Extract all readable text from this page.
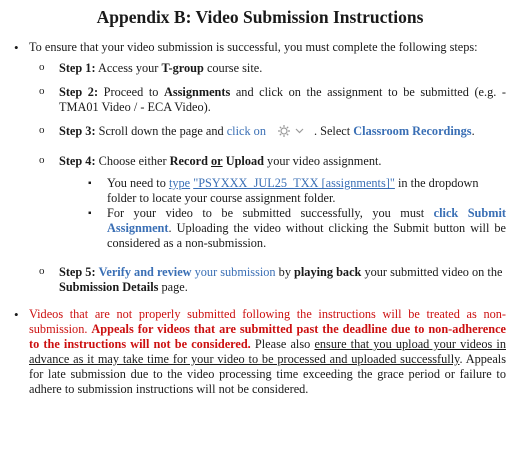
Appendix B: Video Submission Instructions
• To ensure that your video submission is successful, you must complete the following steps:
o Step 1: Access your T-group course site.
o Step 2: Proceed to Assignments and click on the assignment to be submitted (e.g. - TMA01 Video / - ECA Video).
o Step 3: Scroll down the page and click on	. Select Classroom Recordings.
o Step 4: Choose either Record or Upload your video assignment.
▪ You need to type "PSYXXX_JUL25_TXX [assignments]" in the dropdown folder to locate your course assignment folder.
▪ For your video to be submitted successfully, you must click Submit Assignment. Uploading the video without clicking the Submit button will be considered as a non-submission.
o Step 5: Verify and review your submission by playing back your submitted video on the Submission Details page.
• Videos that are not properly submitted following the instructions will be treated as non-submission. Appeals for videos that are submitted past the deadline due to non-adherence to the instructions will not be considered. Please also ensure that you upload your videos in advance as it may take time for your video to be processed and uploaded successfully. Appeals for late submission due to the video processing time exceeding the grace period or failure to adhere to submission instructions will not be considered.
